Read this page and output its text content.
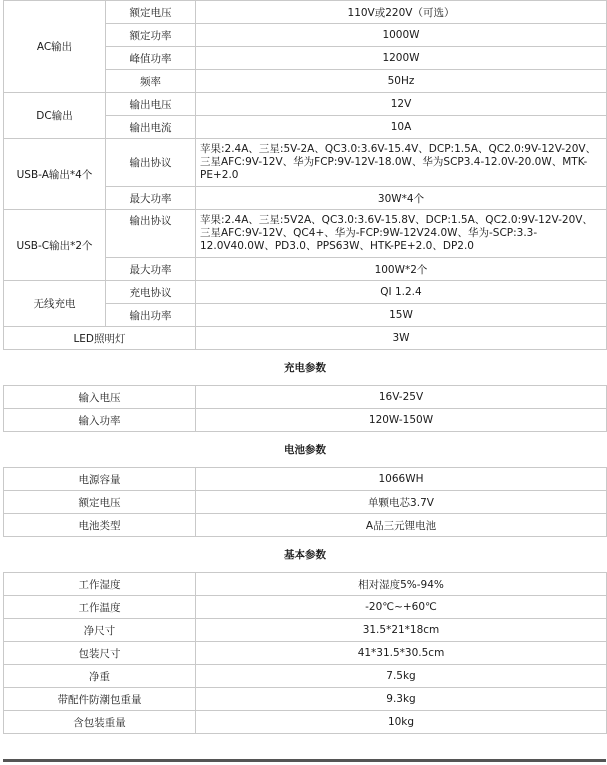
AC输出	额定电压	110V或220V（可选）
	额定功率	1000W
	峰值功率	1200W
	频率	50Hz
DC输出	输出电压	12V
	输出电流	10A
USB-A输出*4个	输出协议	苹果:2.4A、三星:5V-2A、QC3.0:3.6V-15.4V、DCP:1.5A、QC2.0:9V-12V-20V、三星AFC:9V-12V、华为FCP:9V-12V-18.0W、华为SCP3.4-12.0V-20.0W、MTK-PE+2.0
	最大功率	30W*4个
USB-C输出*2个	输出协议	苹果:2.4A、三星:5V2A、QC3.0:3.6V-15.8V、DCP:1.5A、QC2.0:9V-12V-20V、三星AFC:9V-12V、QC4+、华为-FCP:9W-12V24.0W、华为-SCP:3.3-12.0V40.0W、PD3.0、PPS63W、HTK-PE+2.0、DP2.0
	最大功率	100W*2个
无线充电	充电协议	QI 1.2.4
	输出功率	15W
LED照明灯		3W
充电参数		
输入电压		16V-25V
输入功率		120W-150W
电池参数		
电源容量		1066WH
额定电压		单颗电芯3.7V
电池类型		A品三元锂电池
基本参数		
工作湿度		相对湿度5%-94%
工作温度		-20℃~+60℃
净尺寸		31.5*21*18cm
包装尺寸		41*31.5*30.5cm
净重		7.5kg
带配件防潮包重量		9.3kg
含包装重量		10kg
